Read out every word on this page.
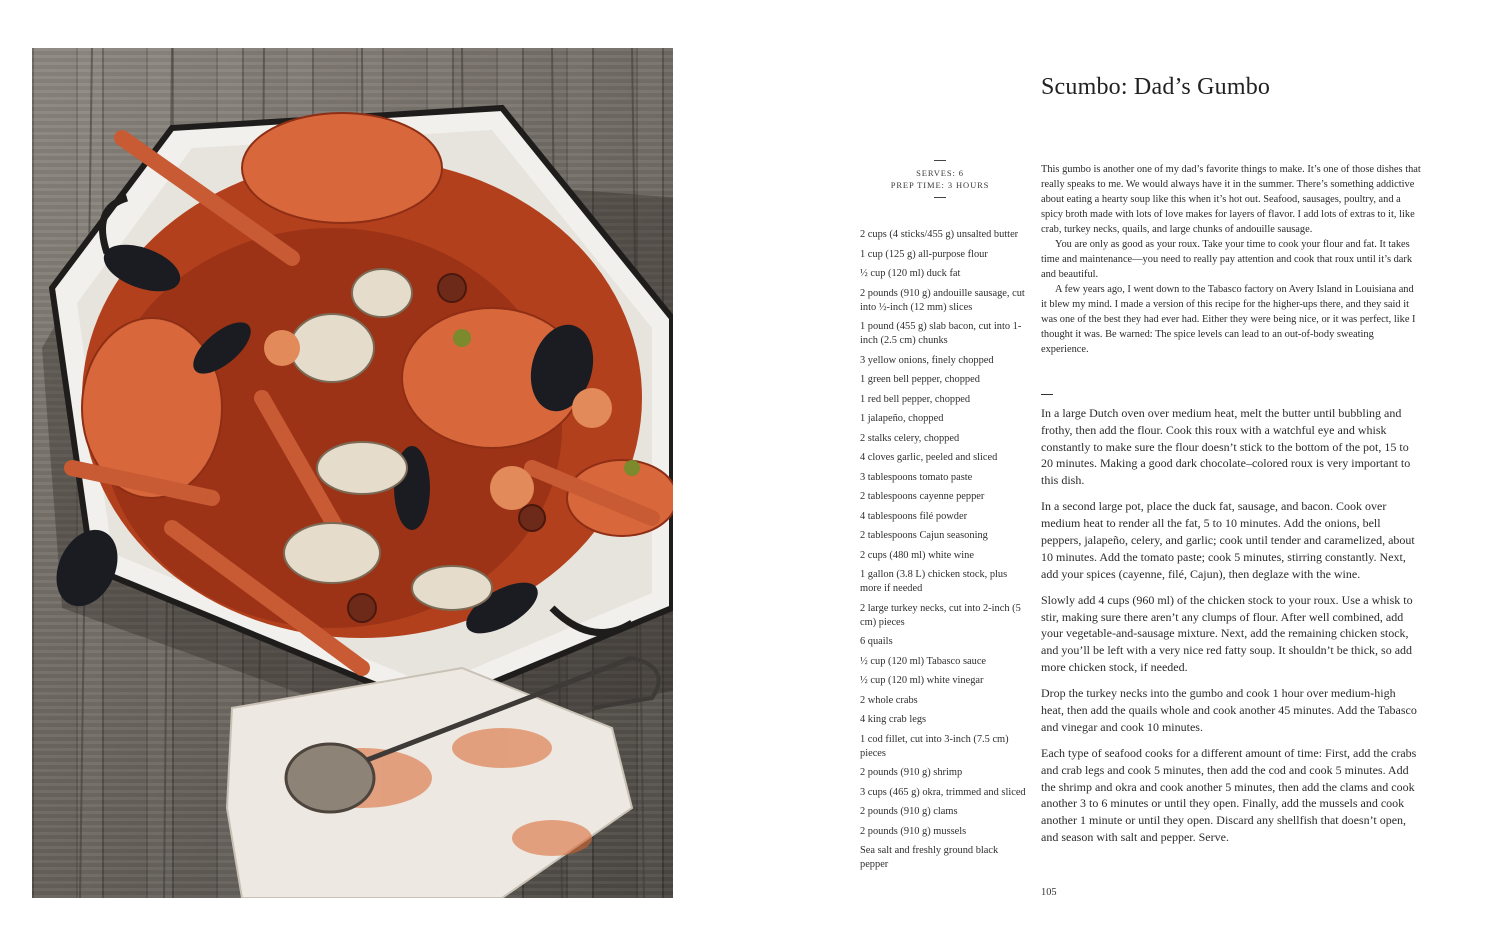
Scumbo: Dad’s Gumbo
SERVES: 6
PREP TIME: 3 HOURS
2 cups (4 sticks/455 g) unsalted butter
1 cup (125 g) all-purpose flour
½ cup (120 ml) duck fat
2 pounds (910 g) andouille sausage, cut into ½-inch (12 mm) slices
1 pound (455 g) slab bacon, cut into 1-inch (2.5 cm) chunks
3 yellow onions, finely chopped
1 green bell pepper, chopped
1 red bell pepper, chopped
1 jalapeño, chopped
2 stalks celery, chopped
4 cloves garlic, peeled and sliced
3 tablespoons tomato paste
2 tablespoons cayenne pepper
4 tablespoons filé powder
2 tablespoons Cajun seasoning
2 cups (480 ml) white wine
1 gallon (3.8 L) chicken stock, plus more if needed
2 large turkey necks, cut into 2-inch (5 cm) pieces
6 quails
½ cup (120 ml) Tabasco sauce
½ cup (120 ml) white vinegar
2 whole crabs
4 king crab legs
1 cod fillet, cut into 3-inch (7.5 cm) pieces
2 pounds (910 g) shrimp
3 cups (465 g) okra, trimmed and sliced
2 pounds (910 g) clams
2 pounds (910 g) mussels
Sea salt and freshly ground black pepper

This gumbo is another one of my dad’s favorite things to make. It’s one of those dishes that really speaks to me. We would always have it in the summer. There’s something addictive about eating a hearty soup like this when it’s hot out. Seafood, sausages, poultry, and a spicy broth made with lots of love makes for layers of flavor. I add lots of extras to it, like crab, turkey necks, quails, and large chunks of andouille sausage.

You are only as good as your roux. Take your time to cook your flour and fat. It takes time and maintenance—you need to really pay attention and cook that roux until it’s dark and beautiful.

A few years ago, I went down to the Tabasco factory on Avery Island in Louisiana and it blew my mind. I made a version of this recipe for the higher-ups there, and they said it was one of the best they had ever had. Either they were being nice, or it was perfect, like I thought it was. Be warned: The spice levels can lead to an out-of-body sweating experience.

In a large Dutch oven over medium heat, melt the butter until bubbling and frothy, then add the flour. Cook this roux with a watchful eye and whisk constantly to make sure the flour doesn’t stick to the bottom of the pot, 15 to 20 minutes. Making a good dark chocolate–colored roux is very important to this dish.

In a second large pot, place the duck fat, sausage, and bacon. Cook over medium heat to render all the fat, 5 to 10 minutes. Add the onions, bell peppers, jalapeño, celery, and garlic; cook until tender and caramelized, about 10 minutes. Add the tomato paste; cook 5 minutes, stirring constantly. Next, add your spices (cayenne, filé, Cajun), then deglaze with the wine.

Slowly add 4 cups (960 ml) of the chicken stock to your roux. Use a whisk to stir, making sure there aren’t any clumps of flour. After well combined, add your vegetable-and-sausage mixture. Next, add the remaining chicken stock, and you’ll be left with a very nice red fatty soup. It shouldn’t be thick, so add more chicken stock, if needed.

Drop the turkey necks into the gumbo and cook 1 hour over medium-high heat, then add the quails whole and cook another 45 minutes. Add the Tabasco and vinegar and cook 10 minutes.

Each type of seafood cooks for a different amount of time: First, add the crabs and crab legs and cook 5 minutes, then add the cod and cook 5 minutes. Add the shrimp and okra and cook another 5 minutes, then add the clams and cook another 3 to 6 minutes or until they open. Finally, add the mussels and cook another 1 minute or until they open. Discard any shellfish that doesn’t open, and season with salt and pepper. Serve.

105
